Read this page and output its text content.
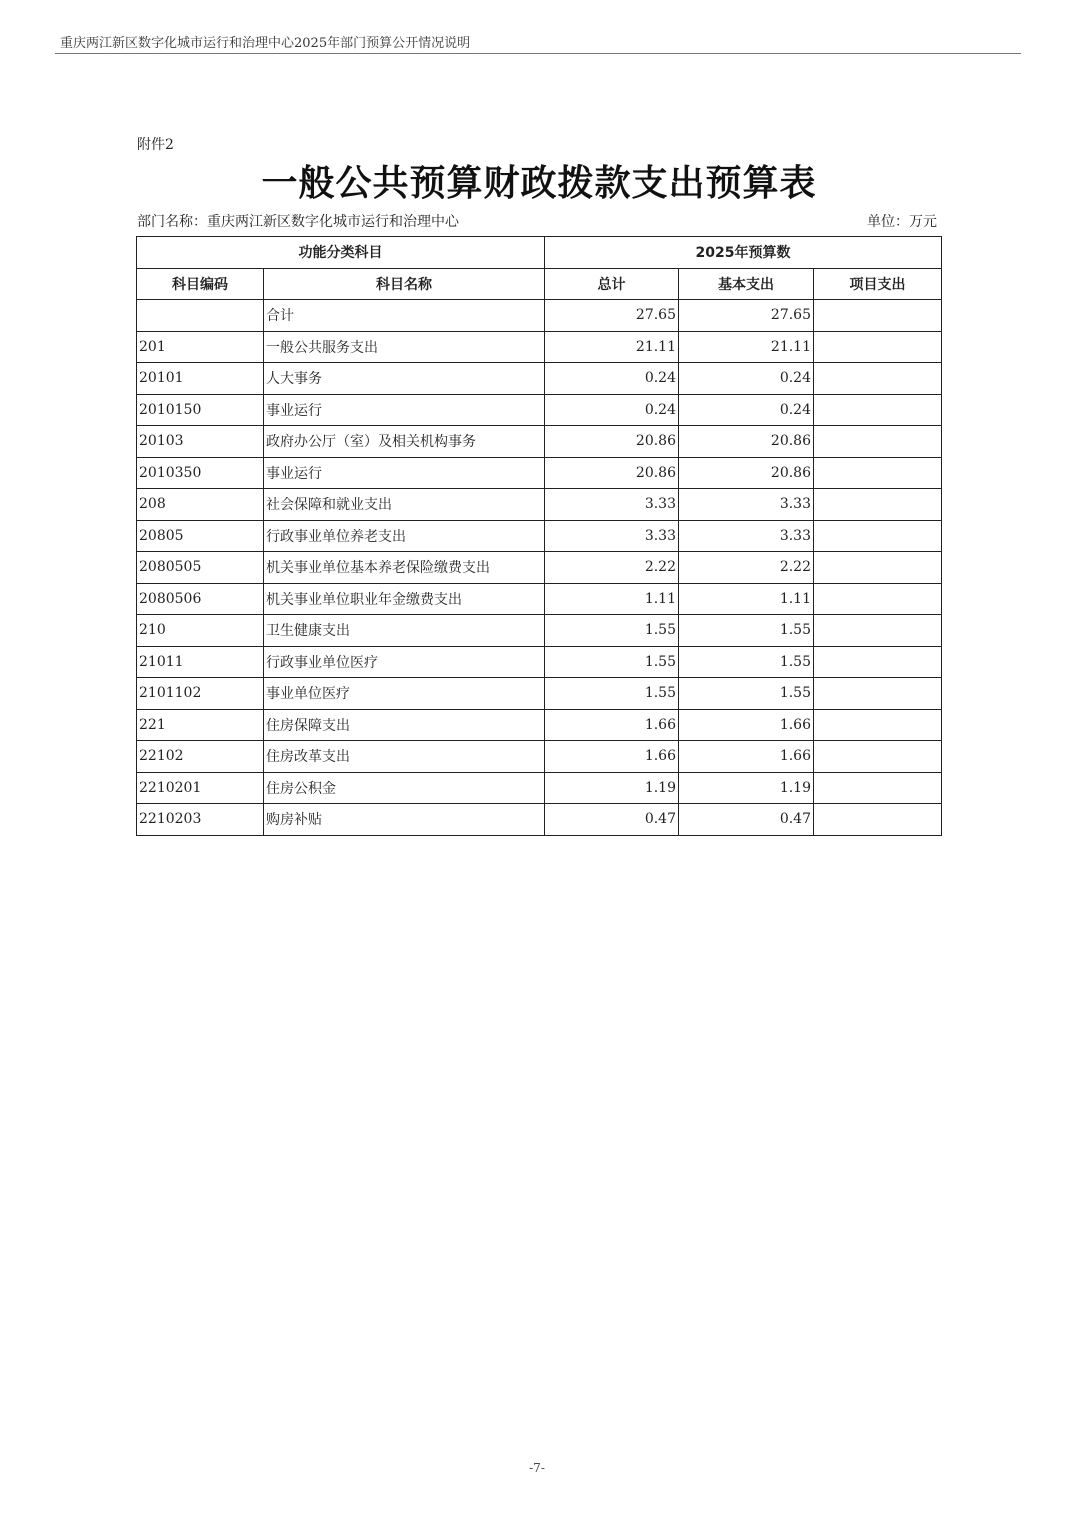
重庆两江新区数字化城市运行和治理中心2025年部门预算公开情况说明
附件2
一般公共预算财政拨款支出预算表
部门名称：重庆两江新区数字化城市运行和治理中心	单位：万元
功能分类科目		2025年预算数		
科目编码	科目名称	总计	基本支出	项目支出
	合计	27.65	27.65	
201	一般公共服务支出	21.11	21.11	
20101	人大事务	0.24	0.24	
2010150	事业运行	0.24	0.24	
20103	政府办公厅（室）及相关机构事务	20.86	20.86	
2010350	事业运行	20.86	20.86	
208	社会保障和就业支出	3.33	3.33	
20805	行政事业单位养老支出	3.33	3.33	
2080505	机关事业单位基本养老保险缴费支出	2.22	2.22	
2080506	机关事业单位职业年金缴费支出	1.11	1.11	
210	卫生健康支出	1.55	1.55	
21011	行政事业单位医疗	1.55	1.55	
2101102	事业单位医疗	1.55	1.55	
221	住房保障支出	1.66	1.66	
22102	住房改革支出	1.66	1.66	
2210201	住房公积金	1.19	1.19	
2210203	购房补贴	0.47	0.47	
-7-
